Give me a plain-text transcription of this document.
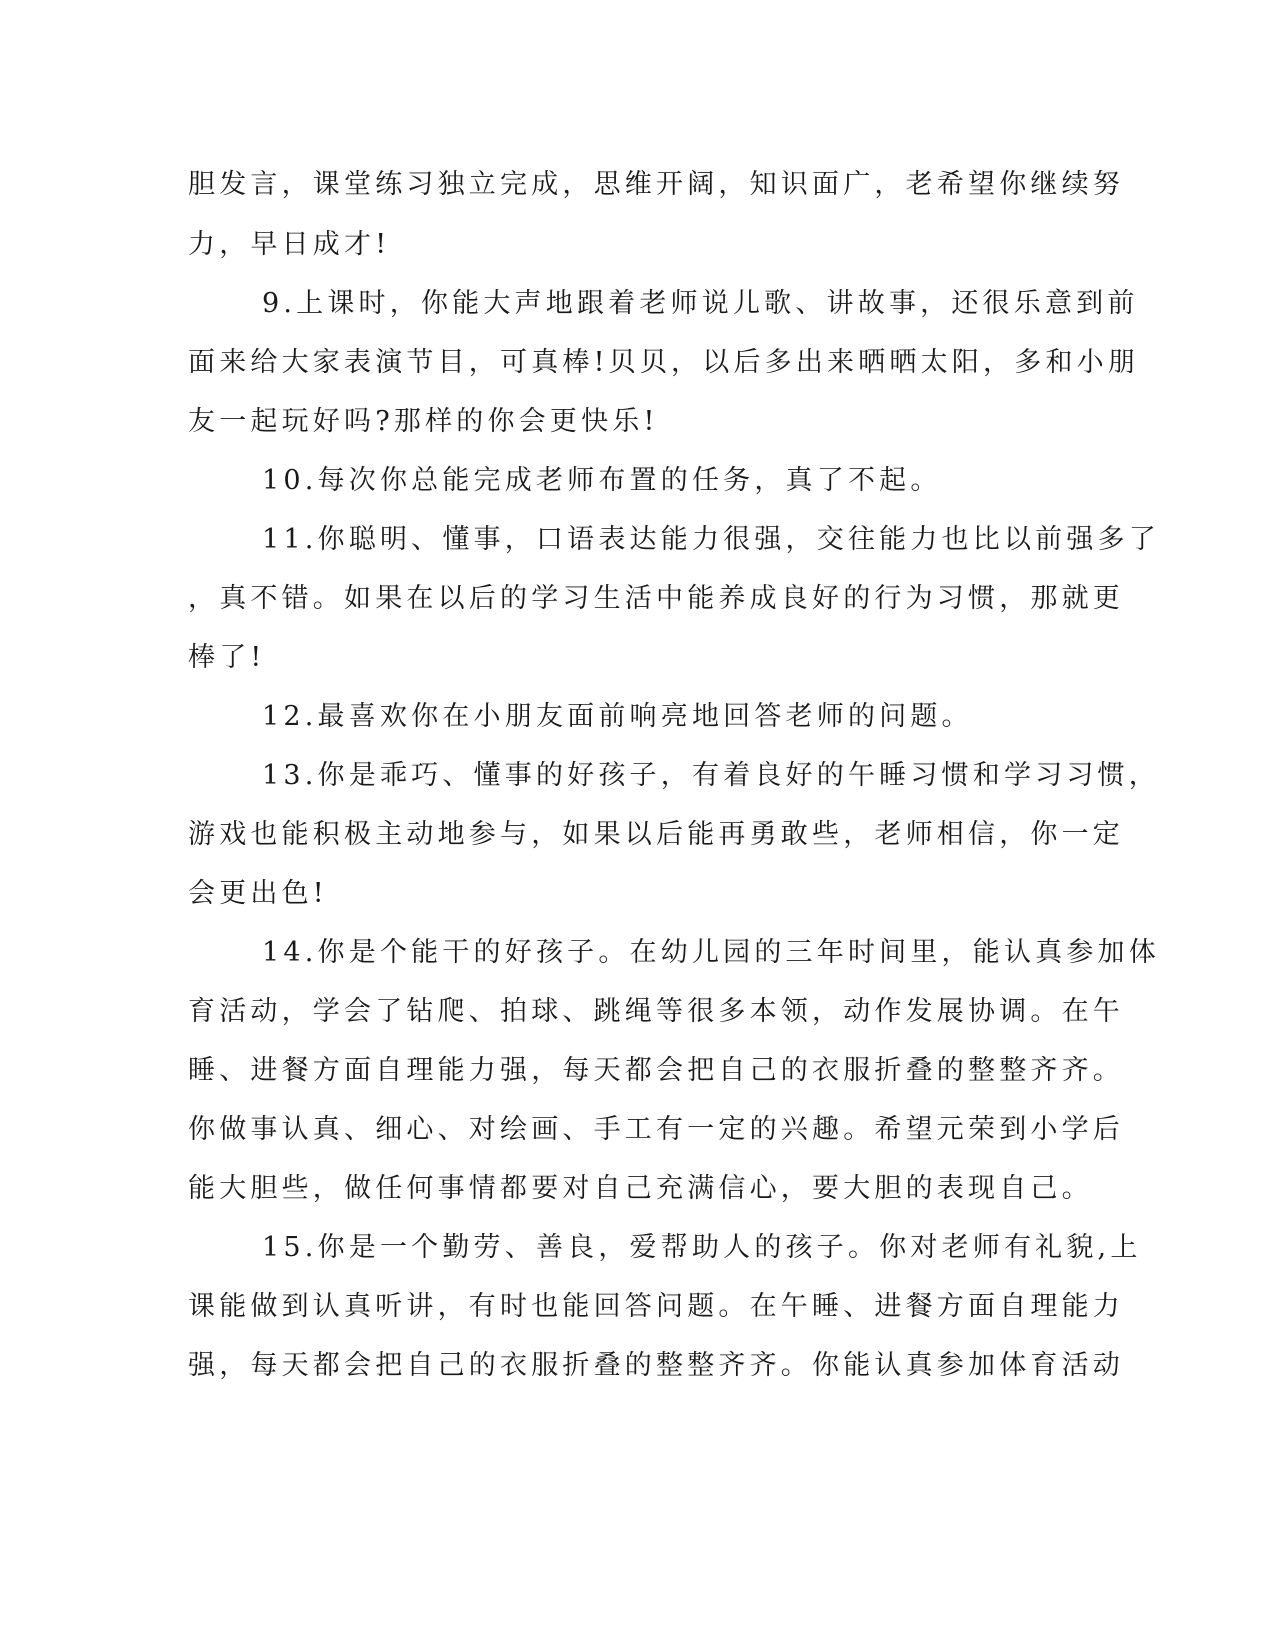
胆发言，课堂练习独立完成，思维开阔，知识面广，老希望你继续努
力，早日成才!
9.上课时，你能大声地跟着老师说儿歌、讲故事，还很乐意到前
面来给大家表演节目，可真棒!贝贝，以后多出来晒晒太阳，多和小朋
友一起玩好吗?那样的你会更快乐!
10.每次你总能完成老师布置的任务，真了不起。
11.你聪明、懂事，口语表达能力很强，交往能力也比以前强多了
，真不错。如果在以后的学习生活中能养成良好的行为习惯，那就更
棒了!
12.最喜欢你在小朋友面前响亮地回答老师的问题。
13.你是乖巧、懂事的好孩子，有着良好的午睡习惯和学习习惯，
游戏也能积极主动地参与，如果以后能再勇敢些，老师相信，你一定
会更出色!
14.你是个能干的好孩子。在幼儿园的三年时间里，能认真参加体
育活动，学会了钻爬、拍球、跳绳等很多本领，动作发展协调。在午
睡、进餐方面自理能力强，每天都会把自己的衣服折叠的整整齐齐。
你做事认真、细心、对绘画、手工有一定的兴趣。希望元荣到小学后
能大胆些，做任何事情都要对自己充满信心，要大胆的表现自己。
15.你是一个勤劳、善良，爱帮助人的孩子。你对老师有礼貌,上
课能做到认真听讲，有时也能回答问题。在午睡、进餐方面自理能力
强，每天都会把自己的衣服折叠的整整齐齐。你能认真参加体育活动
